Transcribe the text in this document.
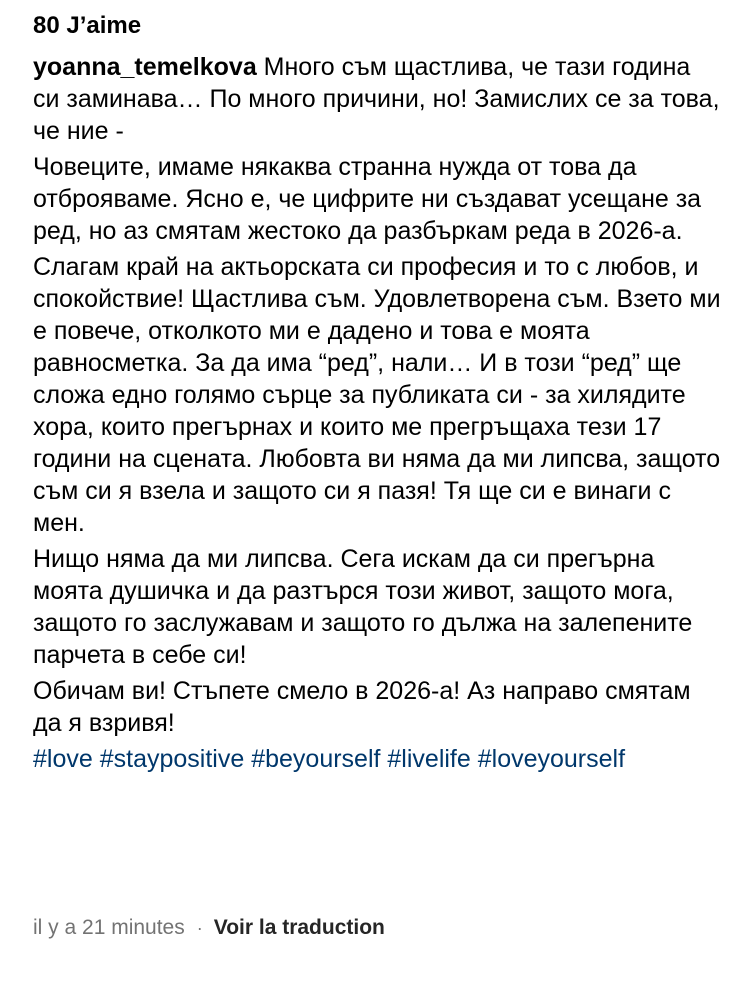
80 J’aime

yoanna_temelkova Много съм щастлива, че тази година си заминава… По много причини, но! Замислих се за това, че ние -

Човеците, имаме някаква странна нужда от това да отброяваме. Ясно е, че цифрите ни създават усещане за ред, но аз смятам жестоко да разбъркам реда в 2026-а.

Слагам край на актьорската си професия и то с любов, и спокойствие! Щастлива съм. Удовлетворена съм. Взето ми е повече, отколкото ми е дадено и това е моята равносметка. За да има “ред”, нали… И в този “ред” ще сложа едно голямо сърце за публиката си - за хилядите хора, които прегърнах и които ме прегръщаха тези 17 години на сцената. Любовта ви няма да ми липсва, защото съм си я взела и защото си я пазя! Тя ще си е винаги с мен.

Нищо няма да ми липсва. Сега искам да си прегърна моята душичка и да разтърся този живот, защото мога, защото го заслужавам и защото го дължа на залепените парчета в себе си!

Обичам ви! Стъпете смело в 2026-а! Аз направо смятам да я взривя!

#love #staypositive #beyourself #livelife #loveyourself

il y a 21 minutes · Voir la traduction
